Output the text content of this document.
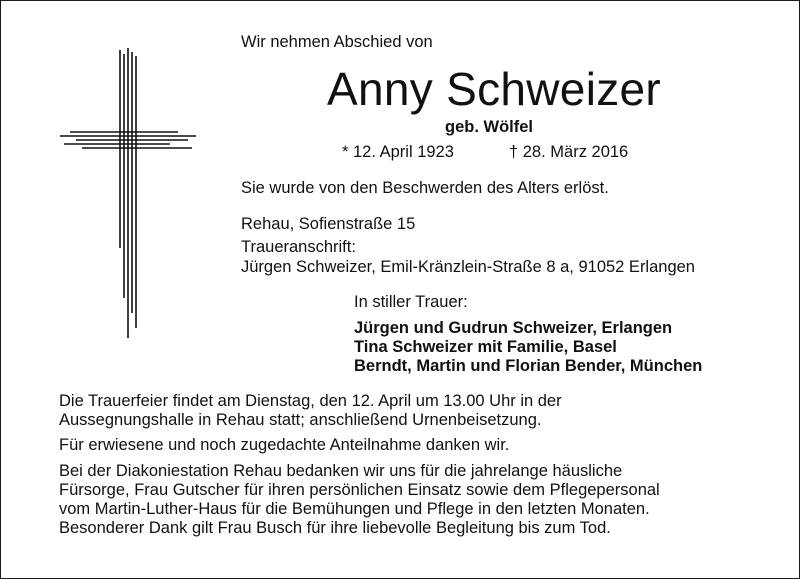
Wir nehmen Abschied von
Anny Schweizer
geb. Wölfel
* 12. April 1923	† 28. März 2016
Sie wurde von den Beschwerden des Alters erlöst.
Rehau, Sofienstraße 15
Traueranschrift:
Jürgen Schweizer, Emil-Kränzlein-Straße 8 a, 91052 Erlangen
In stiller Trauer:
Jürgen und Gudrun Schweizer, Erlangen
Tina Schweizer mit Familie, Basel
Berndt, Martin und Florian Bender, München
Die Trauerfeier findet am Dienstag, den 12. April um 13.00 Uhr in der
Aussegnungshalle in Rehau statt; anschließend Urnenbeisetzung.
Für erwiesene und noch zugedachte Anteilnahme danken wir.
Bei der Diakoniestation Rehau bedanken wir uns für die jahrelange häusliche
Fürsorge, Frau Gutscher für ihren persönlichen Einsatz sowie dem Pflegepersonal
vom Martin-Luther-Haus für die Bemühungen und Pflege in den letzten Monaten.
Besonderer Dank gilt Frau Busch für ihre liebevolle Begleitung bis zum Tod.
